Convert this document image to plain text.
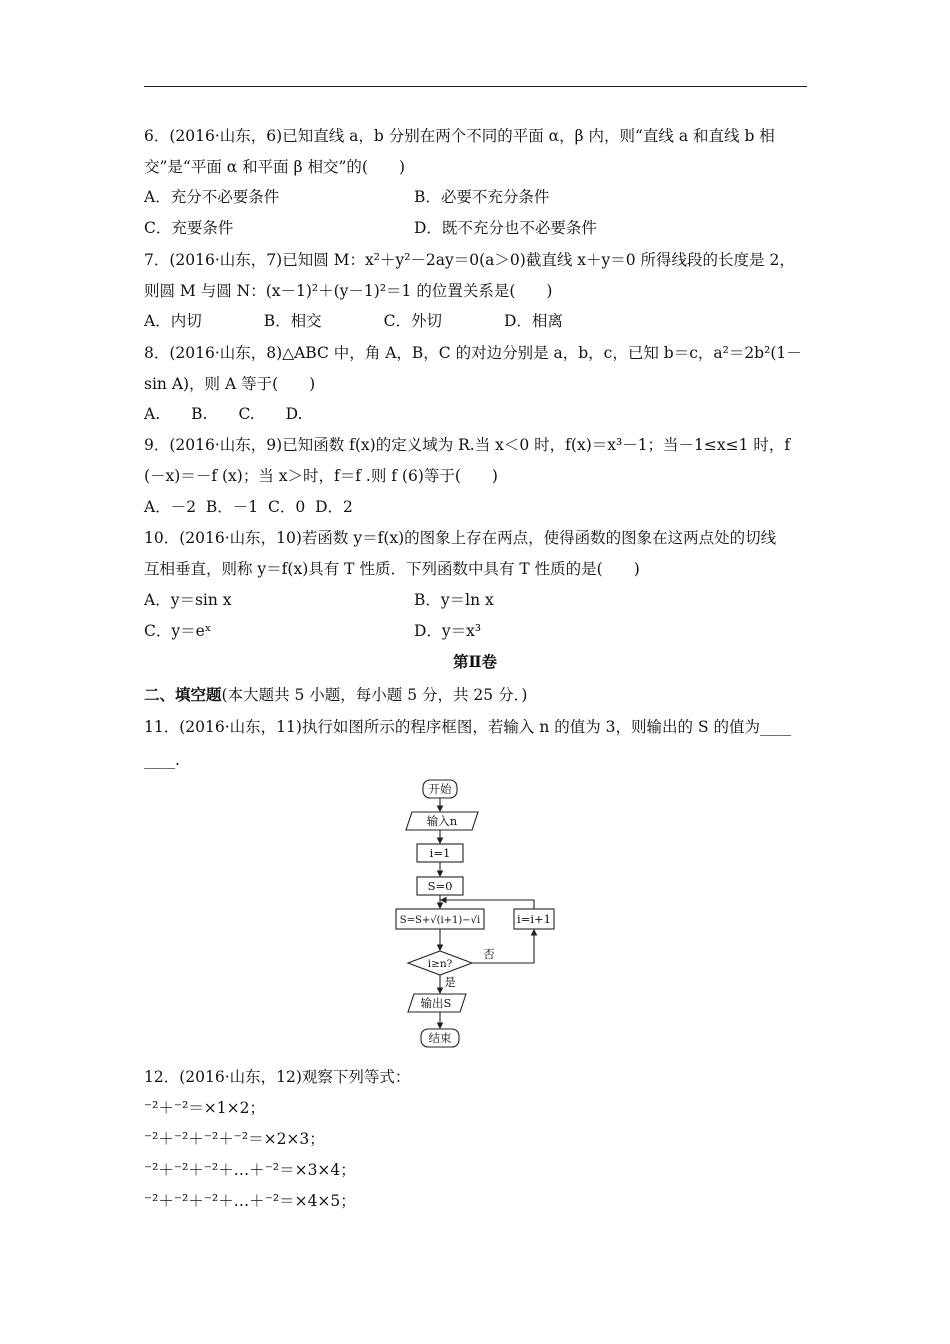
6．(2016·山东，6)已知直线 a，b 分别在两个不同的平面 α，β 内，则“直线 a 和直线 b 相
交”是“平面 α 和平面 β 相交”的(　　)
A．充分不必要条件	B．必要不充分条件
C．充要条件	D．既不充分也不必要条件
7．(2016·山东，7)已知圆 M：x²＋y²－2ay＝0(a＞0)截直线 x＋y＝0 所得线段的长度是 2，
则圆 M 与圆 N：(x－1)²＋(y－1)²＝1 的位置关系是(　　)
A．内切　　　　B．相交　　　　C．外切　　　　D．相离
8．(2016·山东，8)△ABC 中，角 A，B，C 的对边分别是 a，b，c，已知 b＝c，a²＝2b²(1－
sin A)，则 A 等于(　　)
A.　　B.　　C.　　D.
9．(2016·山东，9)已知函数 f(x)的定义域为 R.当 x＜0 时，f(x)＝x³－1；当－1≤x≤1 时，f
(－x)＝－f (x)；当 x＞时，f＝f .则 f (6)等于(　　)
A．－2  B．－1  C．0  D．2
10．(2016·山东，10)若函数 y＝f(x)的图象上存在两点，使得函数的图象在这两点处的切线
互相垂直，则称 y＝f(x)具有 T 性质．下列函数中具有 T 性质的是(　　)
A．y＝sin x	B．y＝ln x
C．y＝eˣ	D．y＝x³
第Ⅱ卷
二、填空题(本大题共 5 小题，每小题 5 分，共 25 分．)
11．(2016·山东，11)执行如图所示的程序框图，若输入 n 的值为 3，则输出的 S 的值为____
____.
开始
输入n
i=1
S=0
S=S+√(i+1)−√i	i=i+1
i≥n?
否
是
输出S
结束
12．(2016·山东，12)观察下列等式：
⁻²＋⁻²＝×1×2；
⁻²＋⁻²＋⁻²＋⁻²＝×2×3；
⁻²＋⁻²＋⁻²＋…＋⁻²＝×3×4；
⁻²＋⁻²＋⁻²＋…＋⁻²＝×4×5；
